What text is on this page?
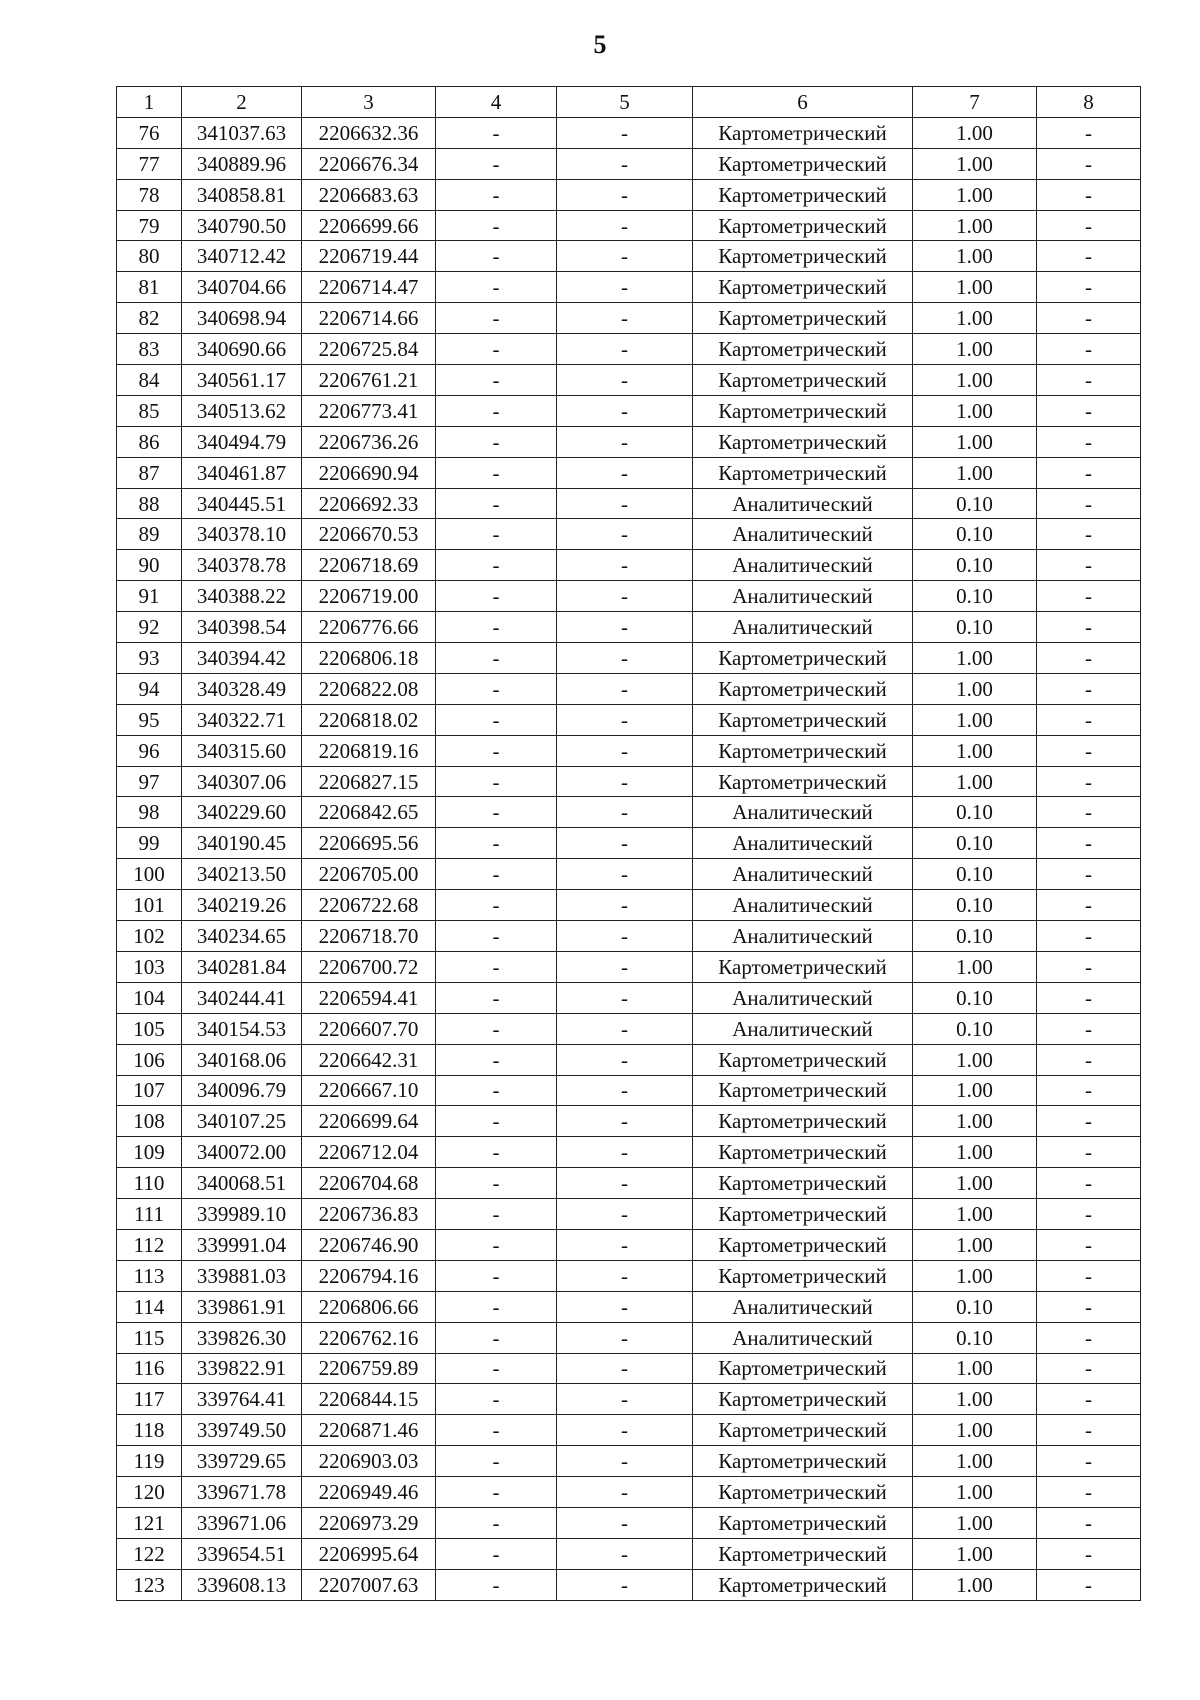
5
1	2	3	4	5	6	7	8
76	341037.63	2206632.36	-	-	Картометрический	1.00	-
77	340889.96	2206676.34	-	-	Картометрический	1.00	-
78	340858.81	2206683.63	-	-	Картометрический	1.00	-
79	340790.50	2206699.66	-	-	Картометрический	1.00	-
80	340712.42	2206719.44	-	-	Картометрический	1.00	-
81	340704.66	2206714.47	-	-	Картометрический	1.00	-
82	340698.94	2206714.66	-	-	Картометрический	1.00	-
83	340690.66	2206725.84	-	-	Картометрический	1.00	-
84	340561.17	2206761.21	-	-	Картометрический	1.00	-
85	340513.62	2206773.41	-	-	Картометрический	1.00	-
86	340494.79	2206736.26	-	-	Картометрический	1.00	-
87	340461.87	2206690.94	-	-	Картометрический	1.00	-
88	340445.51	2206692.33	-	-	Аналитический	0.10	-
89	340378.10	2206670.53	-	-	Аналитический	0.10	-
90	340378.78	2206718.69	-	-	Аналитический	0.10	-
91	340388.22	2206719.00	-	-	Аналитический	0.10	-
92	340398.54	2206776.66	-	-	Аналитический	0.10	-
93	340394.42	2206806.18	-	-	Картометрический	1.00	-
94	340328.49	2206822.08	-	-	Картометрический	1.00	-
95	340322.71	2206818.02	-	-	Картометрический	1.00	-
96	340315.60	2206819.16	-	-	Картометрический	1.00	-
97	340307.06	2206827.15	-	-	Картометрический	1.00	-
98	340229.60	2206842.65	-	-	Аналитический	0.10	-
99	340190.45	2206695.56	-	-	Аналитический	0.10	-
100	340213.50	2206705.00	-	-	Аналитический	0.10	-
101	340219.26	2206722.68	-	-	Аналитический	0.10	-
102	340234.65	2206718.70	-	-	Аналитический	0.10	-
103	340281.84	2206700.72	-	-	Картометрический	1.00	-
104	340244.41	2206594.41	-	-	Аналитический	0.10	-
105	340154.53	2206607.70	-	-	Аналитический	0.10	-
106	340168.06	2206642.31	-	-	Картометрический	1.00	-
107	340096.79	2206667.10	-	-	Картометрический	1.00	-
108	340107.25	2206699.64	-	-	Картометрический	1.00	-
109	340072.00	2206712.04	-	-	Картометрический	1.00	-
110	340068.51	2206704.68	-	-	Картометрический	1.00	-
111	339989.10	2206736.83	-	-	Картометрический	1.00	-
112	339991.04	2206746.90	-	-	Картометрический	1.00	-
113	339881.03	2206794.16	-	-	Картометрический	1.00	-
114	339861.91	2206806.66	-	-	Аналитический	0.10	-
115	339826.30	2206762.16	-	-	Аналитический	0.10	-
116	339822.91	2206759.89	-	-	Картометрический	1.00	-
117	339764.41	2206844.15	-	-	Картометрический	1.00	-
118	339749.50	2206871.46	-	-	Картометрический	1.00	-
119	339729.65	2206903.03	-	-	Картометрический	1.00	-
120	339671.78	2206949.46	-	-	Картометрический	1.00	-
121	339671.06	2206973.29	-	-	Картометрический	1.00	-
122	339654.51	2206995.64	-	-	Картометрический	1.00	-
123	339608.13	2207007.63	-	-	Картометрический	1.00	-
